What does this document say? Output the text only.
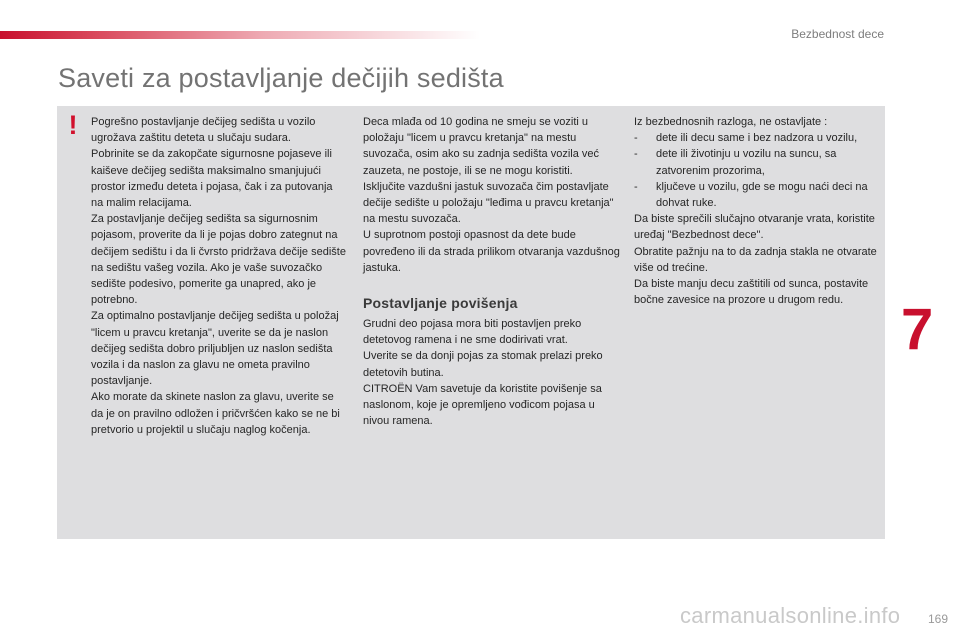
Bezbednost dece
Saveti za postavljanje dečijih sedišta
! Pogrešno postavljanje dečijeg sedišta u vozilo ugrožava zaštitu deteta u slučaju sudara.

Pobrinite se da zakopčate sigurnosne pojaseve ili kaiševe dečijeg sedišta maksimalno smanjujući prostor između deteta i pojasa, čak i za putovanja na malim relacijama.

Za postavljanje dečijeg sedišta sa sigurnosnim pojasom, proverite da li je pojas dobro zategnut na dečijem sedištu i da li čvrsto pridržava dečije sedište na sedištu vašeg vozila. Ako je vaše suvozačko sedište podesivo, pomerite ga unapred, ako je potrebno.

Za optimalno postavljanje dečijeg sedišta u položaj "licem u pravcu kretanja", uverite se da je naslon dečijeg sedišta dobro priljubljen uz naslon sedišta vozila i da naslon za glavu ne ometa pravilno postavljanje.

Ako morate da skinete naslon za glavu, uverite se da je on pravilno odložen i pričvršćen kako se ne bi pretvorio u projektil u slučaju naglog kočenja.

Deca mlađa od 10 godina ne smeju se voziti u položaju "licem u pravcu kretanja" na mestu suvozača, osim ako su zadnja sedišta vozila već zauzeta, ne postoje, ili se ne mogu koristiti.

Isključite vazdušni jastuk suvozača čim postavljate dečije sedište u položaju "leđima u pravcu kretanja" na mestu suvozača.

U suprotnom postoji opasnost da dete bude povređeno ili da strada prilikom otvaranja vazdušnog jastuka.

Postavljanje povišenja

Grudni deo pojasa mora biti postavljen preko detetovog ramena i ne sme dodirivati vrat.

Uverite se da donji pojas za stomak prelazi preko detetovih butina.

CITROËN Vam savetuje da koristite povišenje sa naslonom, koje je opremljeno vođicom pojasa u nivou ramena.

Iz bezbednosnih razloga, ne ostavljate :

- dete ili decu same i bez nadzora u vozilu,
- dete ili životinju u vozilu na suncu, sa zatvorenim prozorima,
- ključeve u vozilu, gde se mogu naći deci na dohvat ruke.

Da biste sprečili slučajno otvaranje vrata, koristite uređaj "Bezbednost dece".

Obratite pažnju na to da zadnja stakla ne otvarate više od trećine.

Da biste manju decu zaštitili od sunca, postavite bočne zavesice na prozore u drugom redu. 7
carmanualsonline.info 169
